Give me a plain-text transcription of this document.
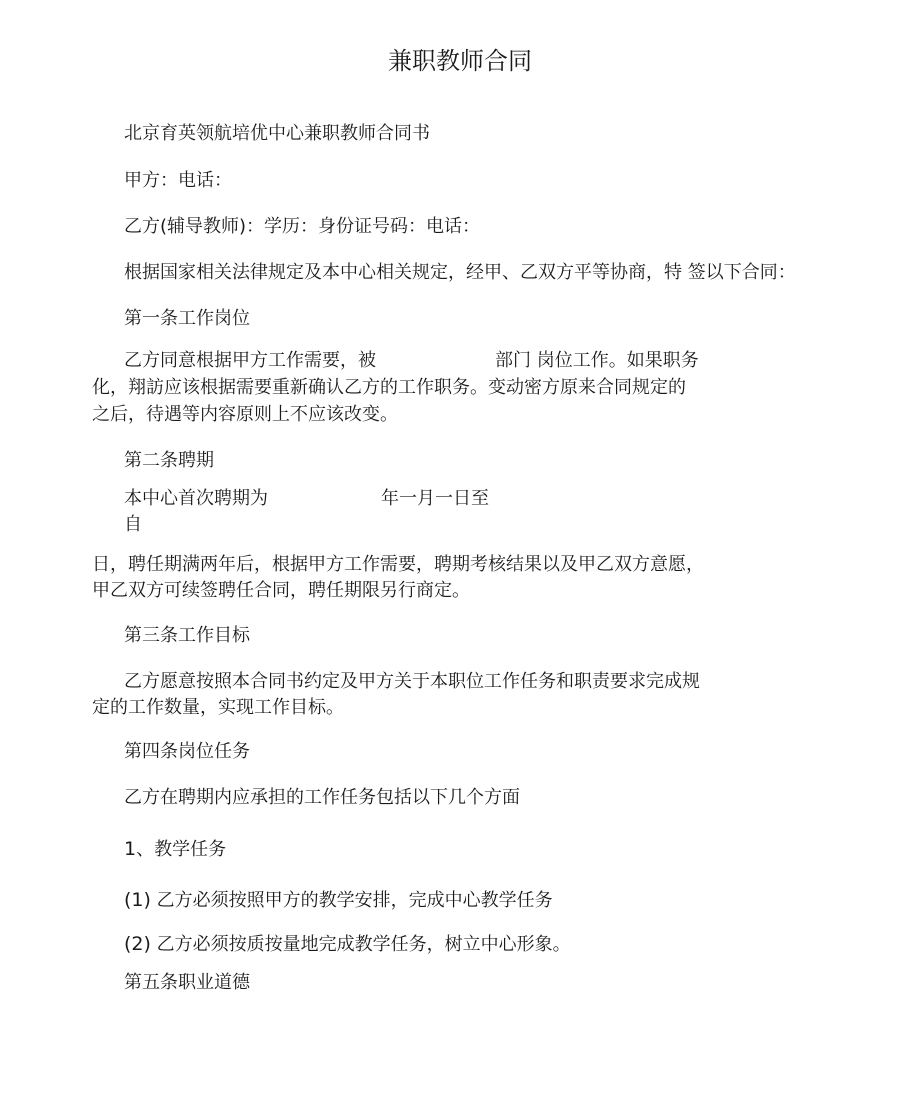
兼职教师合同
北京育英领航培优中心兼职教师合同书
甲方：电话：
乙方(辅导教师)：学历：身份证号码：电话：
根据国家相关法律规定及本中心相关规定，经甲、乙双方平等协商，特 签以下合同：
第一条工作岗位
乙方同意根据甲方工作需要，被	部门 岗位工作。如果职务
化，翔訪应该根据需要重新确认乙方的工作职务。变动密方原来合同规定的
之后，待遇等内容原则上不应该改变。
第二条聘期
本中心首次聘期为	年一月一日至
自
日，聘任期满两年后，根据甲方工作需要，聘期考核结果以及甲乙双方意愿，
甲乙双方可续签聘任合同，聘任期限另行商定。
第三条工作目标
乙方愿意按照本合同书约定及甲方关于本职位工作任务和职责要求完成规
定的工作数量，实现工作目标。
第四条岗位任务
乙方在聘期内应承担的工作任务包括以下几个方面
1、教学任务
(1) 乙方必须按照甲方的教学安排，完成中心教学任务
(2) 乙方必须按质按量地完成教学任务，树立中心形象。
第五条职业道德
